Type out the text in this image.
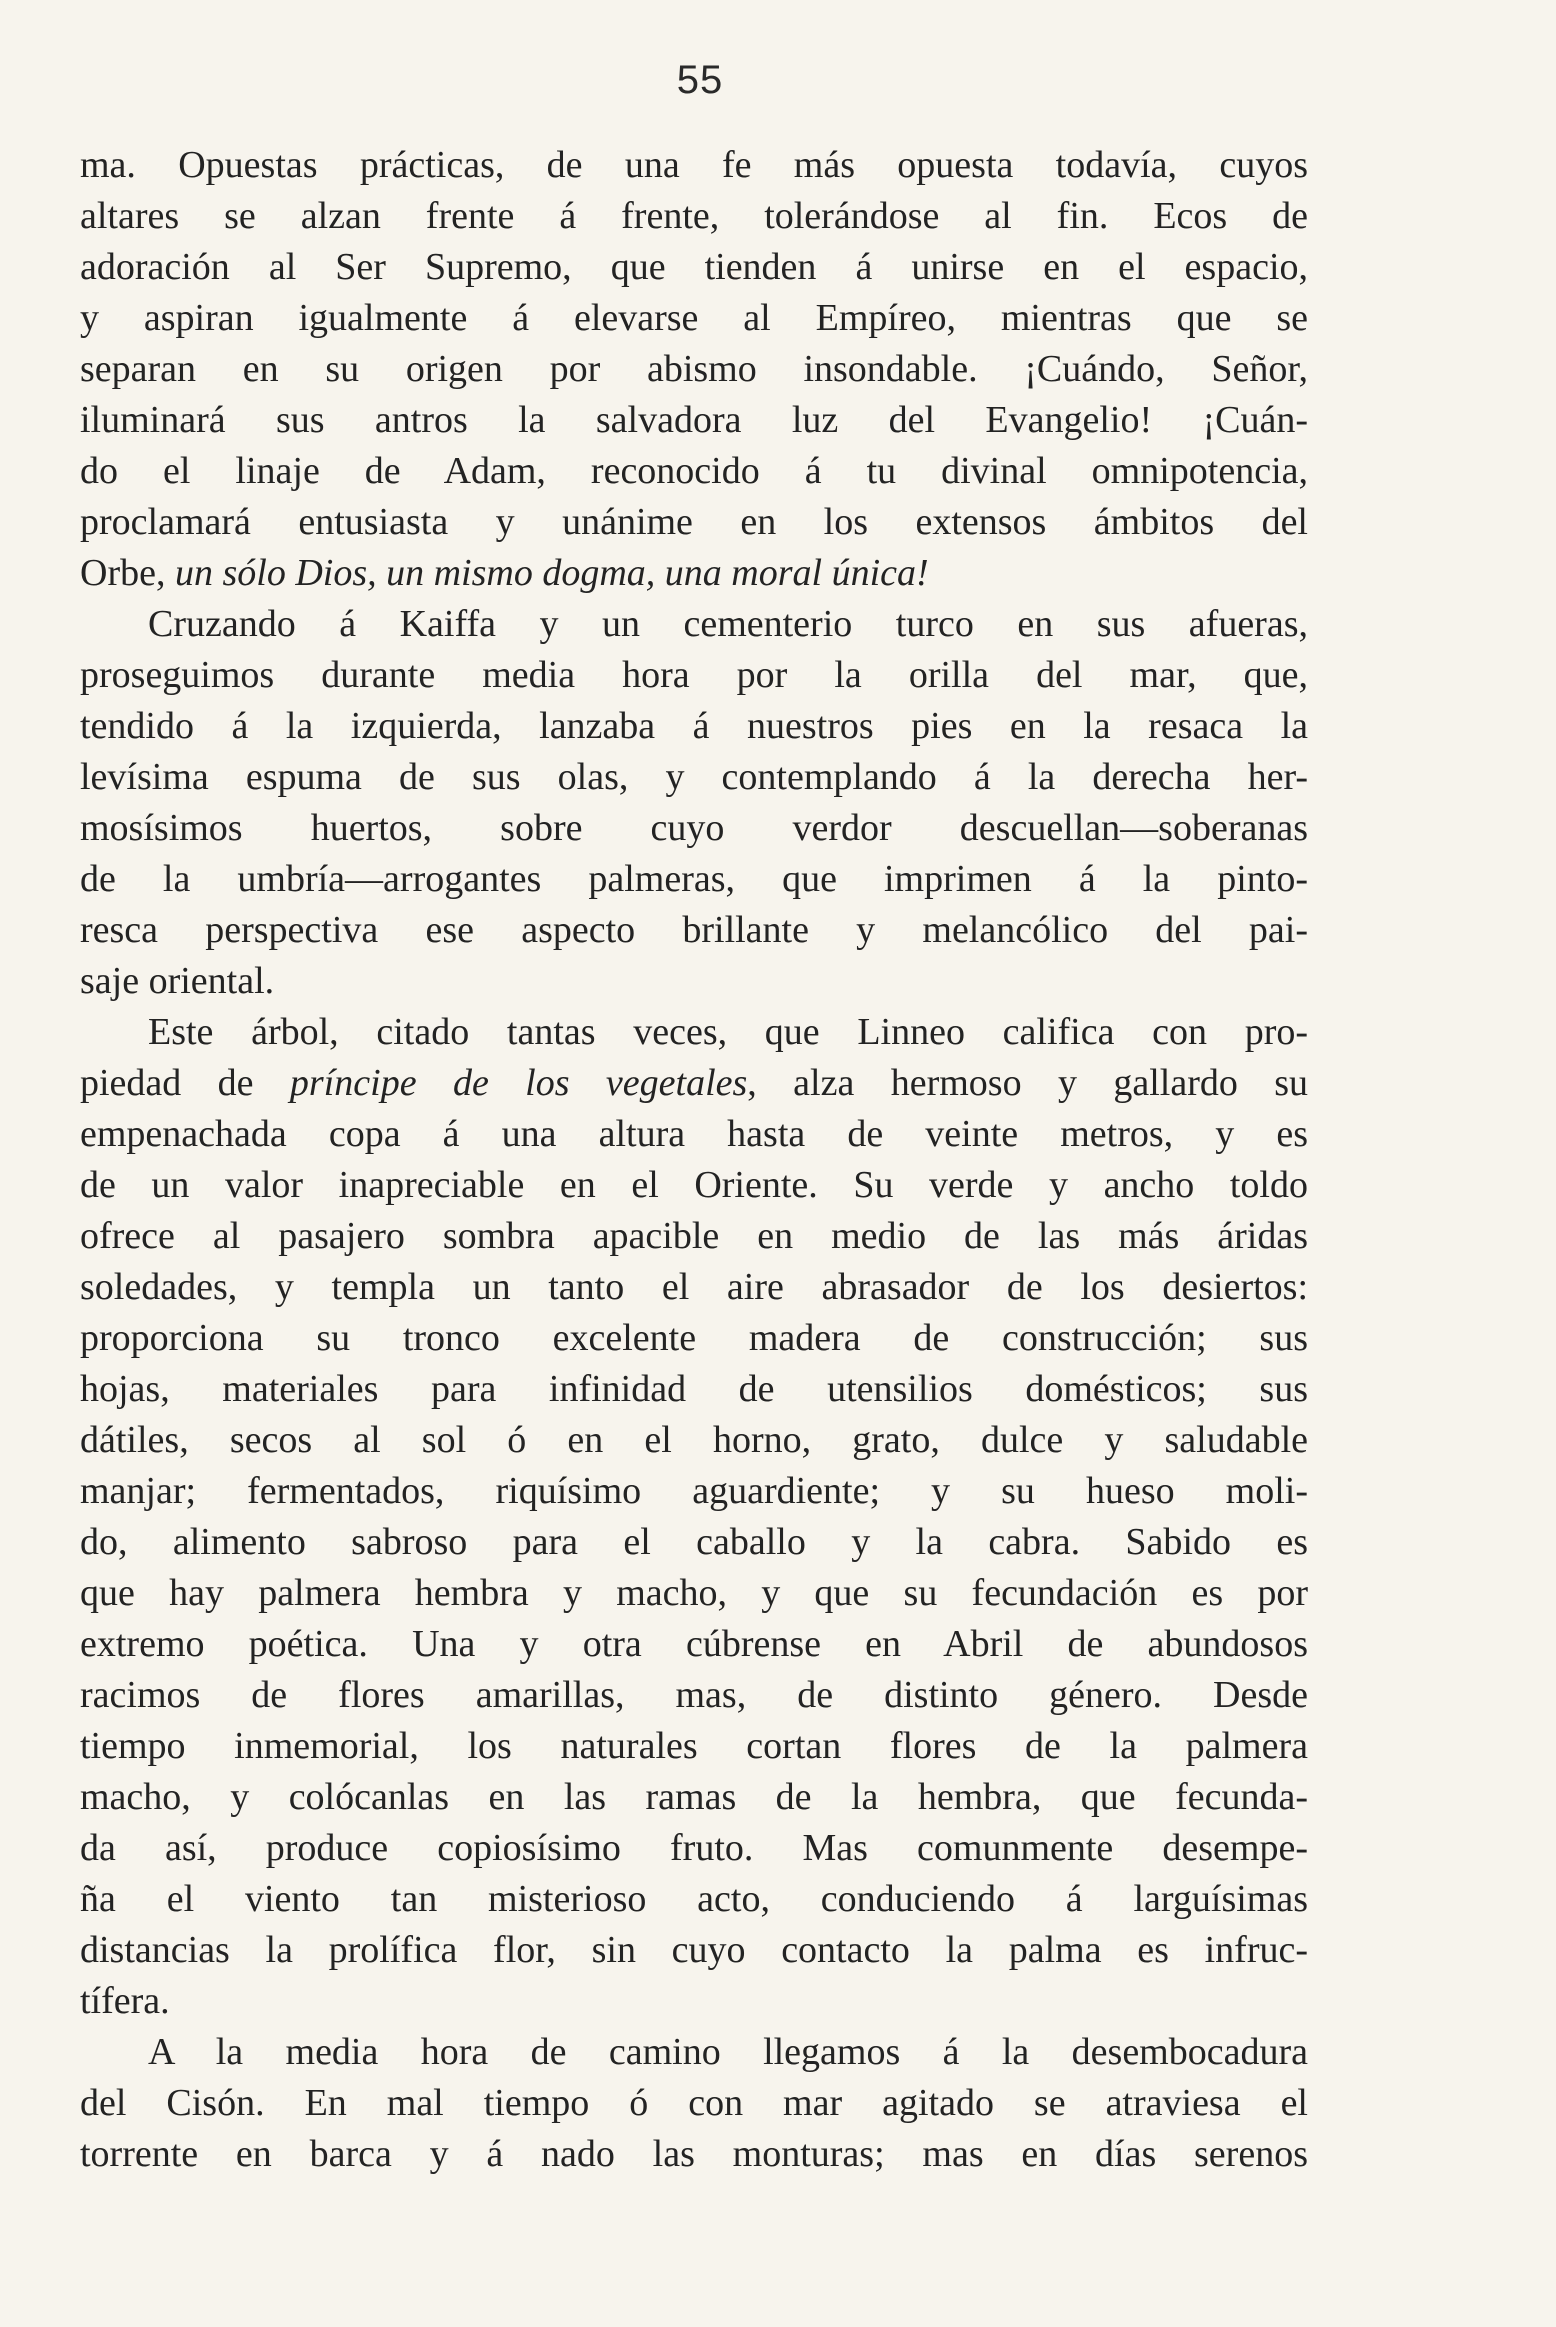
55
ma. Opuestas prácticas, de una fe más opuesta todavía, cuyos
altares se alzan frente á frente, tolerándose al fin. Ecos de
adoración al Ser Supremo, que tienden á unirse en el espacio,
y aspiran igualmente á elevarse al Empíreo, mientras que se
separan en su origen por abismo insondable. ¡Cuándo, Señor,
iluminará sus antros la salvadora luz del Evangelio! ¡Cuán-
do el linaje de Adam, reconocido á tu divinal omnipotencia,
proclamará entusiasta y unánime en los extensos ámbitos del
Orbe, un sólo Dios, un mismo dogma, una moral única!
Cruzando á Kaiffa y un cementerio turco en sus afueras,
proseguimos durante media hora por la orilla del mar, que,
tendido á la izquierda, lanzaba á nuestros pies en la resaca la
levísima espuma de sus olas, y contemplando á la derecha her-
mosísimos huertos, sobre cuyo verdor descuellan—soberanas
de la umbría—arrogantes palmeras, que imprimen á la pinto-
resca perspectiva ese aspecto brillante y melancólico del pai-
saje oriental.
Este árbol, citado tantas veces, que Linneo califica con pro-
piedad de príncipe de los vegetales, alza hermoso y gallardo su
empenachada copa á una altura hasta de veinte metros, y es
de un valor inapreciable en el Oriente. Su verde y ancho toldo
ofrece al pasajero sombra apacible en medio de las más áridas
soledades, y templa un tanto el aire abrasador de los desiertos:
proporciona su tronco excelente madera de construcción; sus
hojas, materiales para infinidad de utensilios domésticos; sus
dátiles, secos al sol ó en el horno, grato, dulce y saludable
manjar; fermentados, riquísimo aguardiente; y su hueso moli-
do, alimento sabroso para el caballo y la cabra. Sabido es
que hay palmera hembra y macho, y que su fecundación es por
extremo poética. Una y otra cúbrense en Abril de abundosos
racimos de flores amarillas, mas, de distinto género. Desde
tiempo inmemorial, los naturales cortan flores de la palmera
macho, y colócanlas en las ramas de la hembra, que fecunda-
da así, produce copiosísimo fruto. Mas comunmente desempe-
ña el viento tan misterioso acto, conduciendo á larguísimas
distancias la prolífica flor, sin cuyo contacto la palma es infruc-
tífera.
A la media hora de camino llegamos á la desembocadura
del Cisón. En mal tiempo ó con mar agitado se atraviesa el
torrente en barca y á nado las monturas; mas en días serenos
